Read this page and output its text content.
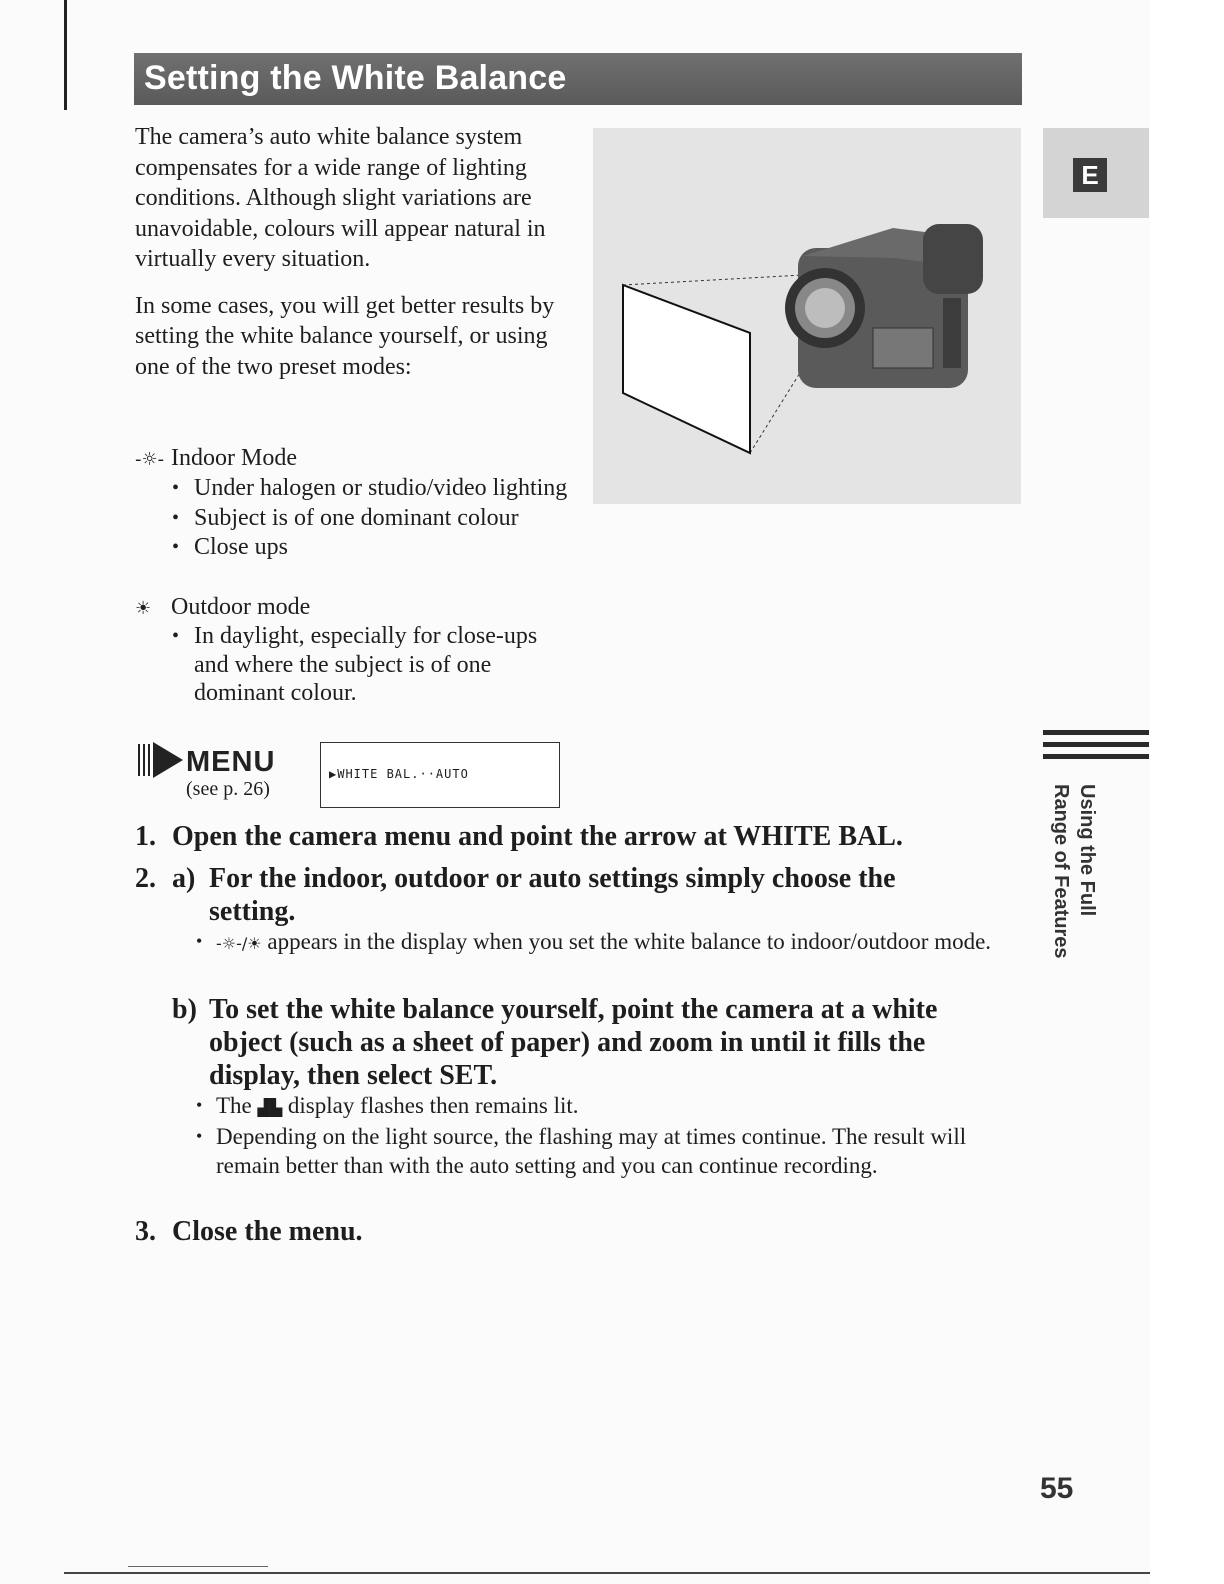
Setting the White Balance

The camera’s auto white balance system compensates for a wide range of lighting conditions. Although slight variations are unavoidable, colours will appear natural in virtually every situation.

In some cases, you will get better results by setting the white balance yourself, or using one of the two preset modes:

-☼- Indoor Mode
• Under halogen or studio/video lighting
• Subject is of one dominant colour
• Close ups
☀ Outdoor mode
• In daylight, especially for close-ups and where the subject is of one dominant colour.
E
Using the Full
Range of Features
MENU
(see p. 26)
▶WHITE BAL.··AUTO
1. Open the camera menu and point the arrow at WHITE BAL.
2. a) For the indoor, outdoor or auto settings simply choose the setting.
• -☼-/☀ appears in the display when you set the white balance to indoor/outdoor mode.
b) To set the white balance yourself, point the camera at a white object (such as a sheet of paper) and zoom in until it fills the display, then select SET.
• The ▟▙ display flashes then remains lit.
• Depending on the light source, the flashing may at times continue. The result will remain better than with the auto setting and you can continue recording.
3. Close the menu.
55
